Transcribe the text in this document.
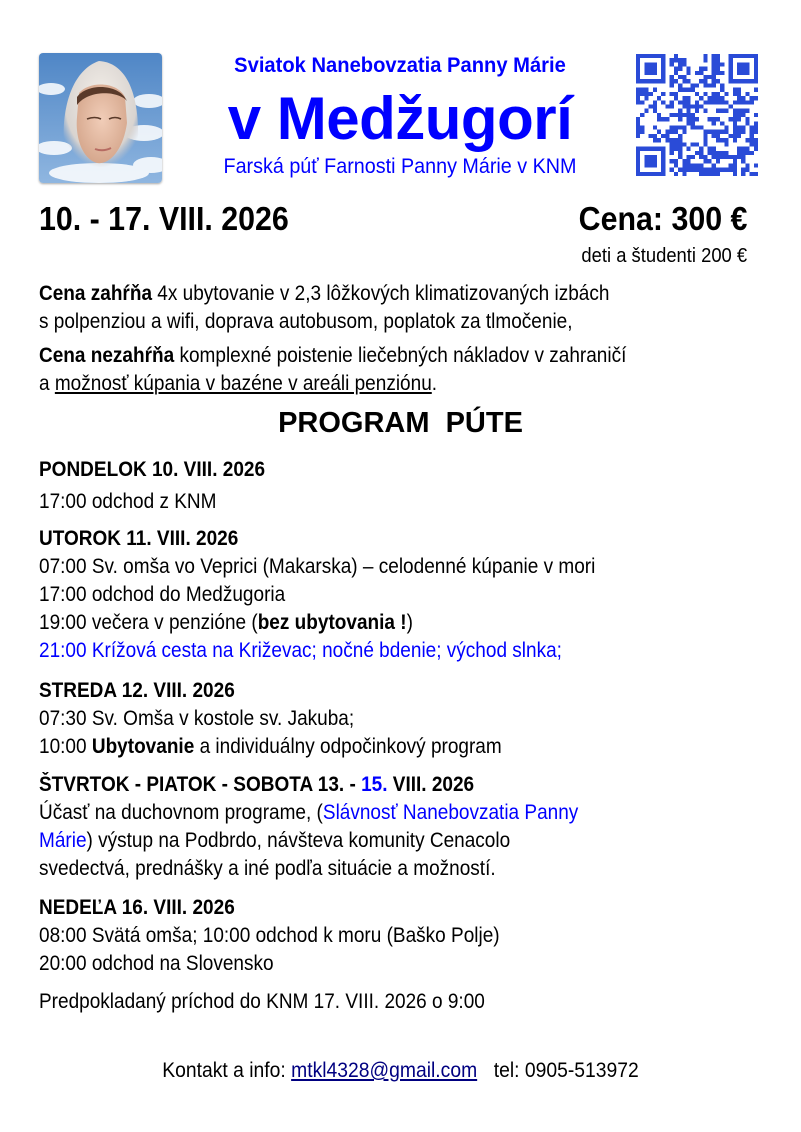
Sviatok Nanebovzatia Panny Márie
v Medžugorí
Farská púť Farnosti Panny Márie v KNM
10. - 17. VIII. 2026	Cena: 300 €
deti a študenti 200 €
Cena zahŕňa 4x ubytovanie v 2,3 lôžkových klimatizovaných izbách
s polpenziou a wifi, doprava autobusom, poplatok za tlmočenie,
Cena nezahŕňa komplexné poistenie liečebných nákladov v zahraničí
a možnosť kúpania v bazéne v areáli penziónu.
PROGRAM PÚTE
PONDELOK 10. VIII. 2026
17:00 odchod z KNM
UTOROK 11. VIII. 2026
07:00 Sv. omša vo Veprici (Makarska) – celodenné kúpanie v mori
17:00 odchod do Medžugoria
19:00 večera v penzióne (bez ubytovania !)
21:00 Krížová cesta na Križevac; nočné bdenie; východ slnka;
STREDA 12. VIII. 2026
07:30 Sv. Omša v kostole sv. Jakuba;
10:00 Ubytovanie a individuálny odpočinkový program
ŠTVRTOK - PIATOK - SOBOTA 13. - 15. VIII. 2026
Účasť na duchovnom programe, (Slávnosť Nanebovzatia Panny
Márie) výstup na Podbrdo, návšteva komunity Cenacolo
svedectvá, prednášky a iné podľa situácie a možností.
NEDEĽA 16. VIII. 2026
08:00 Svätá omša; 10:00 odchod k moru (Baško Polje)
20:00 odchod na Slovensko
Predpokladaný príchod do KNM 17. VIII. 2026 o 9:00
Kontakt a info: mtkl4328@gmail.com tel: 0905-513972
